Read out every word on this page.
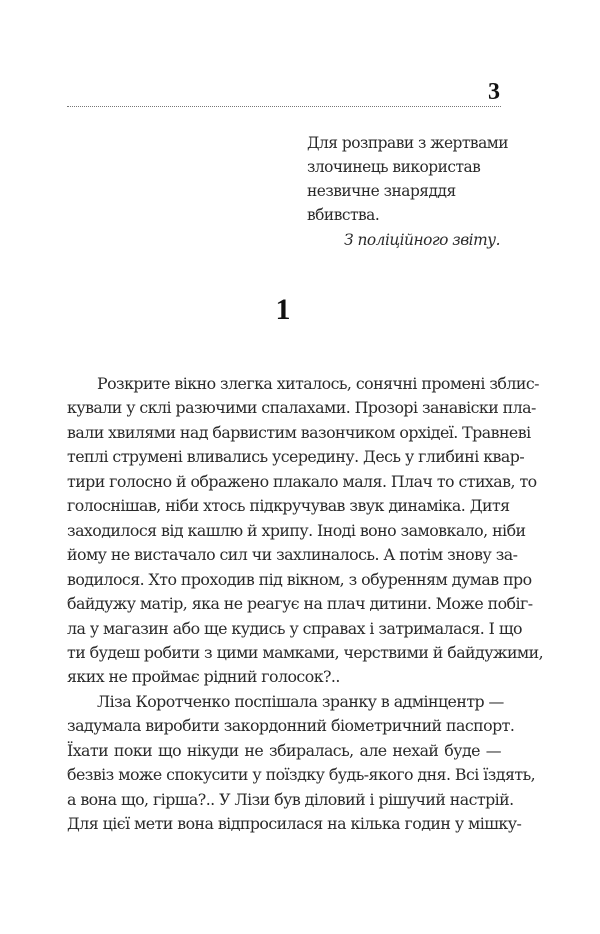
3
Для розправи з жертвами
злочинець використав
незвичне знаряддя
вбивства.
З поліційного звіту.
1
Розкрите вікно злегка хиталось, сонячні промені зблис-
кували у склі разючими спалахами. Прозорі занавіски пла-
вали хвилями над барвистим вазончиком орхідеї. Травневі
теплі струмені вливались усередину. Десь у глибині квар-
тири голосно й ображено плакало маля. Плач то стихав, то
голоснішав, ніби хтось підкручував звук динаміка. Дитя
заходилося від кашлю й хрипу. Іноді воно замовкало, ніби
йому не вистачало сил чи захлиналось. А потім знову за-
водилося. Хто проходив під вікном, з обуренням думав про
байдужу матір, яка не реагує на плач дитини. Може побіг-
ла у магазин або ще кудись у справах і затрималася. І що
ти будеш робити з цими мамками, черствими й байдужими,
яких не проймає рідний голосок?..
Ліза Коротченко поспішала зранку в адмінцентр —
задумала виробити закордонний біометричний паспорт.
Їхати поки що нікуди не збиралась, але нехай буде —
безвіз може спокусити у поїздку будь-якого дня. Всі їздять,
а вона що, гірша?.. У Лізи був діловий і рішучий настрій.
Для цієї мети вона відпросилася на кілька годин у мішку-
